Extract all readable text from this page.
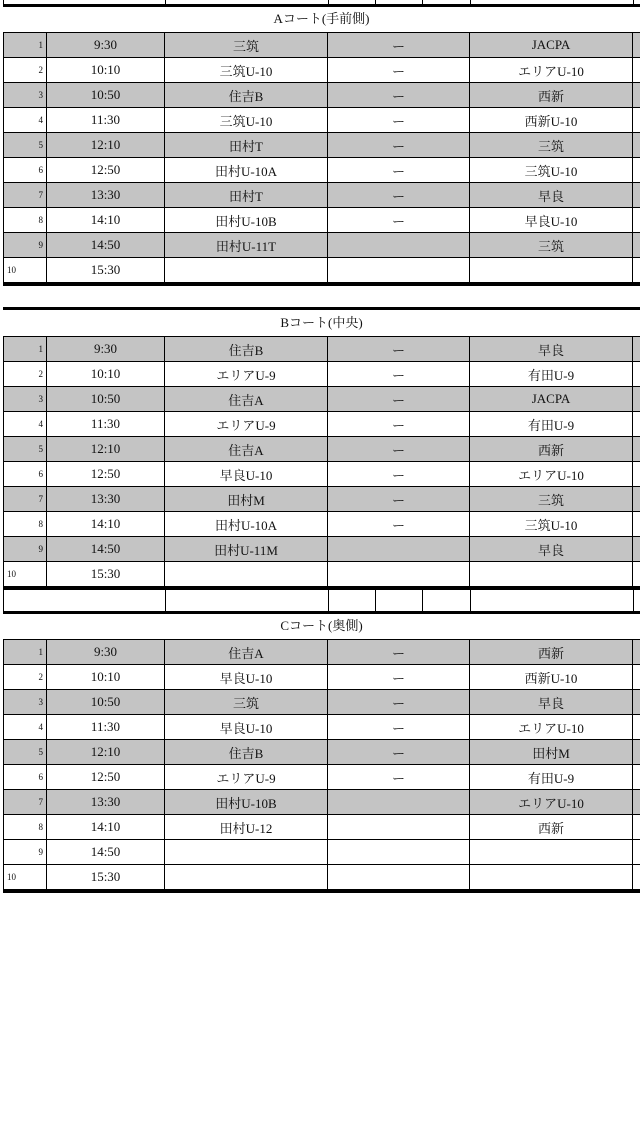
Aコート(手前側)
1	9:30	三筑	ー	JACPA	
2	10:10	三筑U-10	ー	エリアU-10	
3	10:50	住吉B	ー	西新	
4	11:30	三筑U-10	ー	西新U-10	
5	12:10	田村T	ー	三筑	
6	12:50	田村U-10A	ー	三筑U-10	
7	13:30	田村T	ー	早良	
8	14:10	田村U-10B	ー	早良U-10	
9	14:50	田村U-11T		三筑	
10	15:30				
Bコート(中央)
1	9:30	住吉B	ー	早良	
2	10:10	エリアU-9	ー	有田U-9	
3	10:50	住吉A	ー	JACPA	
4	11:30	エリアU-9	ー	有田U-9	
5	12:10	住吉A	ー	西新	
6	12:50	早良U-10	ー	エリアU-10	
7	13:30	田村M	ー	三筑	
8	14:10	田村U-10A	ー	三筑U-10	
9	14:50	田村U-11M		早良	
10	15:30				
Cコート(奥側)
1	9:30	住吉A	ー	西新	
2	10:10	早良U-10	ー	西新U-10	
3	10:50	三筑	ー	早良	
4	11:30	早良U-10	ー	エリアU-10	
5	12:10	住吉B	ー	田村M	
6	12:50	エリアU-9	ー	有田U-9	
7	13:30	田村U-10B		エリアU-10	
8	14:10	田村U-12		西新	
9	14:50				
10	15:30				
